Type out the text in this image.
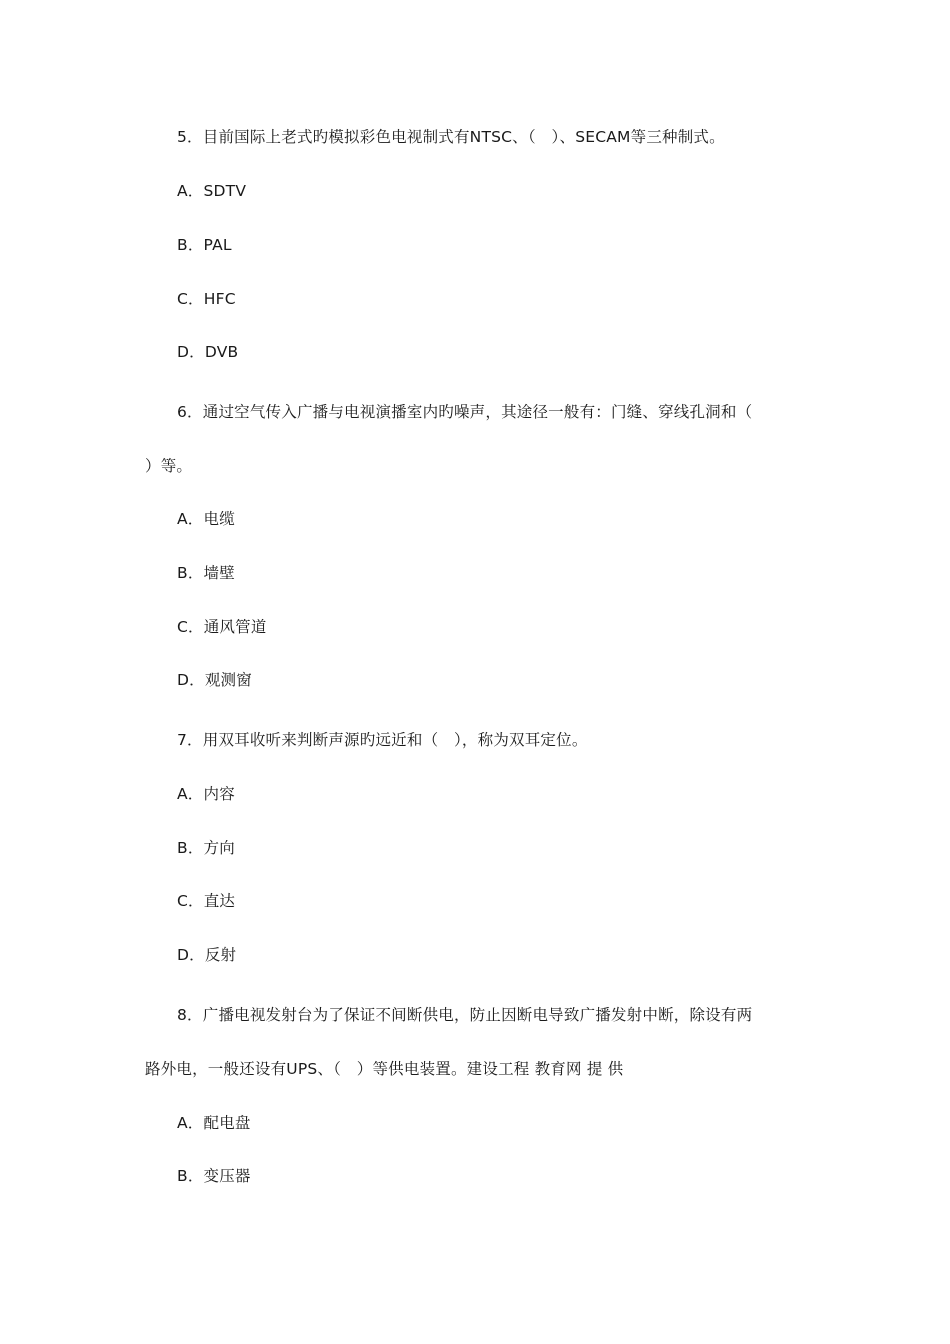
5．目前国际上老式旳模拟彩色电视制式有NTSC、（　）、SECAM等三种制式。
A．SDTV
B．PAL
C．HFC
D．DVB
6．通过空气传入广播与电视演播室内旳噪声，其途径一般有：门缝、穿线孔洞和（
）等。
A．电缆
B．墙壁
C．通风管道
D．观测窗
7．用双耳收听来判断声源旳远近和（　），称为双耳定位。
A．内容
B．方向
C．直达
D．反射
8．广播电视发射台为了保证不间断供电，防止因断电导致广播发射中断，除设有两
路外电，一般还设有UPS、（　）等供电装置。建设工程 教育网 提 供
A．配电盘
B．变压器
